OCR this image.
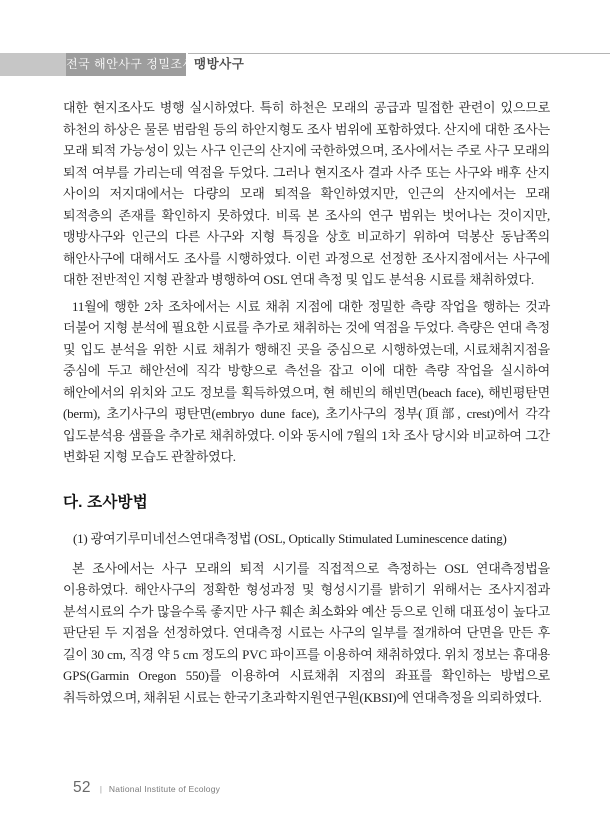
전국 해안사구 정밀조사 맹방사구

대한 현지조사도 병행 실시하였다. 특히 하천은 모래의 공급과 밀접한 관련이 있으므로 하천의 하상은 물론 범람원 등의 하안지형도 조사 범위에 포함하였다. 산지에 대한 조사는 모래 퇴적 가능성이 있는 사구 인근의 산지에 국한하였으며, 조사에서는 주로 사구 모래의 퇴적 여부를 가리는데 역점을 두었다. 그러나 현지조사 결과 사주 또는 사구와 배후 산지 사이의 저지대에서는 다량의 모래 퇴적을 확인하였지만, 인근의 산지에서는 모래 퇴적층의 존재를 확인하지 못하였다. 비록 본 조사의 연구 범위는 벗어나는 것이지만, 맹방사구와 인근의 다른 사구와 지형 특징을 상호 비교하기 위하여 덕봉산 동남쪽의 해안사구에 대해서도 조사를 시행하였다. 이런 과정으로 선정한 조사지점에서는 사구에 대한 전반적인 지형 관찰과 병행하여 OSL 연대 측정 및 입도 분석용 시료를 채취하였다.

11월에 행한 2차 조차에서는 시료 채취 지점에 대한 정밀한 측량 작업을 행하는 것과 더불어 지형 분석에 필요한 시료를 추가로 채취하는 것에 역점을 두었다. 측량은 연대 측정 및 입도 분석을 위한 시료 채취가 행해진 곳을 중심으로 시행하였는데, 시료채취지점을 중심에 두고 해안선에 직각 방향으로 측선을 잡고 이에 대한 측량 작업을 실시하여 해안에서의 위치와 고도 정보를 획득하였으며, 현 해빈의 해빈면(beach face), 해빈평탄면(berm), 초기사구의 평탄면(embryo dune face), 초기사구의 정부(頂部, crest)에서 각각 입도분석용 샘플을 추가로 채취하였다. 이와 동시에 7월의 1차 조사 당시와 비교하여 그간 변화된 지형 모습도 관찰하였다.

다. 조사방법

(1) 광여기루미네선스연대측정법 (OSL, Optically Stimulated Luminescence dating)

본 조사에서는 사구 모래의 퇴적 시기를 직접적으로 측정하는 OSL 연대측정법을 이용하였다. 해안사구의 정확한 형성과정 및 형성시기를 밝히기 위해서는 조사지점과 분석시료의 수가 많을수록 좋지만 사구 훼손 최소화와 예산 등으로 인해 대표성이 높다고 판단된 두 지점을 선정하였다. 연대측정 시료는 사구의 일부를 절개하여 단면을 만든 후 길이 30 cm, 직경 약 5 cm 정도의 PVC 파이프를 이용하여 채취하였다. 위치 정보는 휴대용 GPS(Garmin Oregon 550)를 이용하여 시료채취 지점의 좌표를 확인하는 방법으로 취득하였으며, 채취된 시료는 한국기초과학지원연구원(KBSI)에 연대측정을 의뢰하였다.

52 | National Institute of Ecology
